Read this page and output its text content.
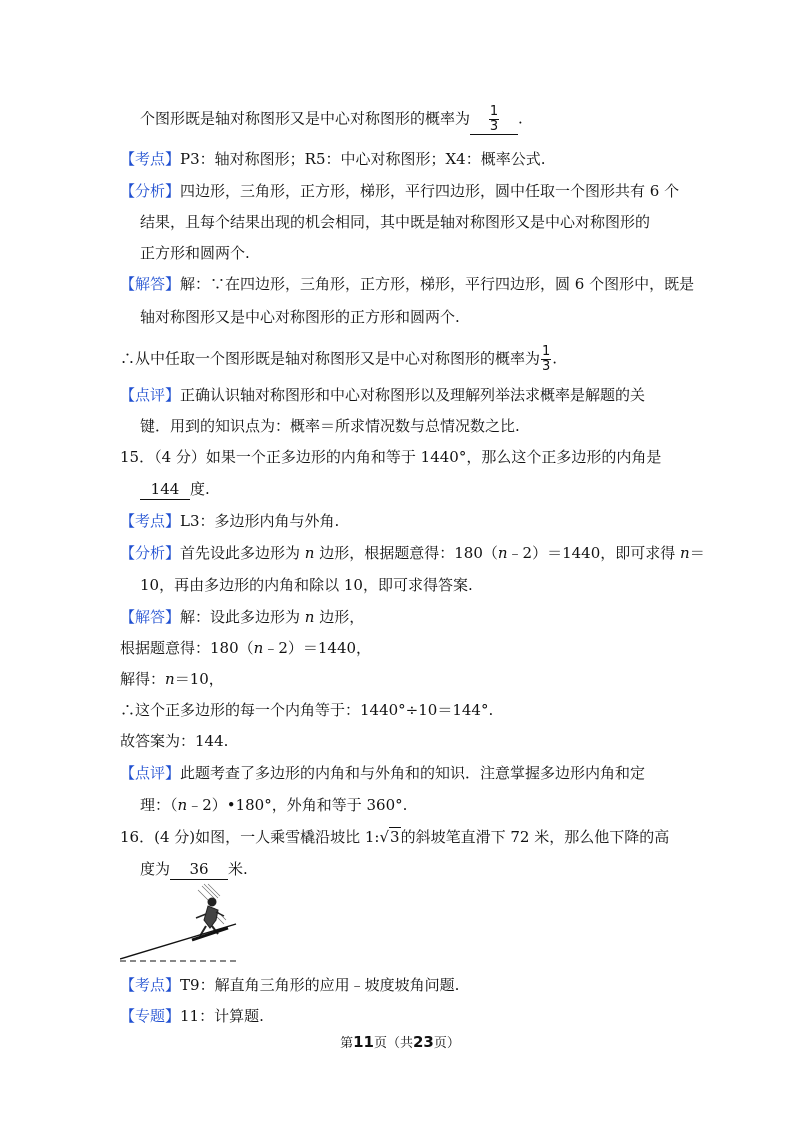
个图形既是轴对称图形又是中心对称图形的概率为 $\frac{1}{3}$ .
【考点】P3：轴对称图形；R5：中心对称图形；X4：概率公式.
【分析】四边形，三角形，正方形，梯形，平行四边形，圆中任取一个图形共有 6 个
结果，且每个结果出现的机会相同，其中既是轴对称图形又是中心对称图形的
正方形和圆两个.
【解答】解：∵在四边形，三角形，正方形，梯形，平行四边形，圆 6 个图形中，既是
轴对称图形又是中心对称图形的正方形和圆两个.
∴从中任取一个图形既是轴对称图形又是中心对称图形的概率为 $\frac{1}{3}$ .
【点评】正确认识轴对称图形和中心对称图形以及理解列举法求概率是解题的关
键．用到的知识点为：概率＝所求情况数与总情况数之比.
15．（4 分）如果一个正多边形的内角和等于 1440°，那么这个正多边形的内角是
144 度.
【考点】L3：多边形内角与外角.
【分析】首先设此多边形为 n 边形，根据题意得：180（n﹣2）＝1440，即可求得 n＝
10，再由多边形的内角和除以 10，即可求得答案.
【解答】解：设此多边形为 n 边形，
根据题意得：180（n﹣2）＝1440，
解得：n＝10，
∴这个正多边形的每一个内角等于：1440°÷10＝144°.
故答案为：144.
【点评】此题考查了多边形的内角和与外角和的知识．注意掌握多边形内角和定
理：（n﹣2）•180°，外角和等于 360°.
16．(4 分)如图，一人乘雪橇沿坡比 1:√3的斜坡笔直滑下 72 米，那么他下降的高
度为 36 米.
【考点】T9：解直角三角形的应用﹣坡度坡角问题.
【专题】11：计算题.
第11页（共23页）
